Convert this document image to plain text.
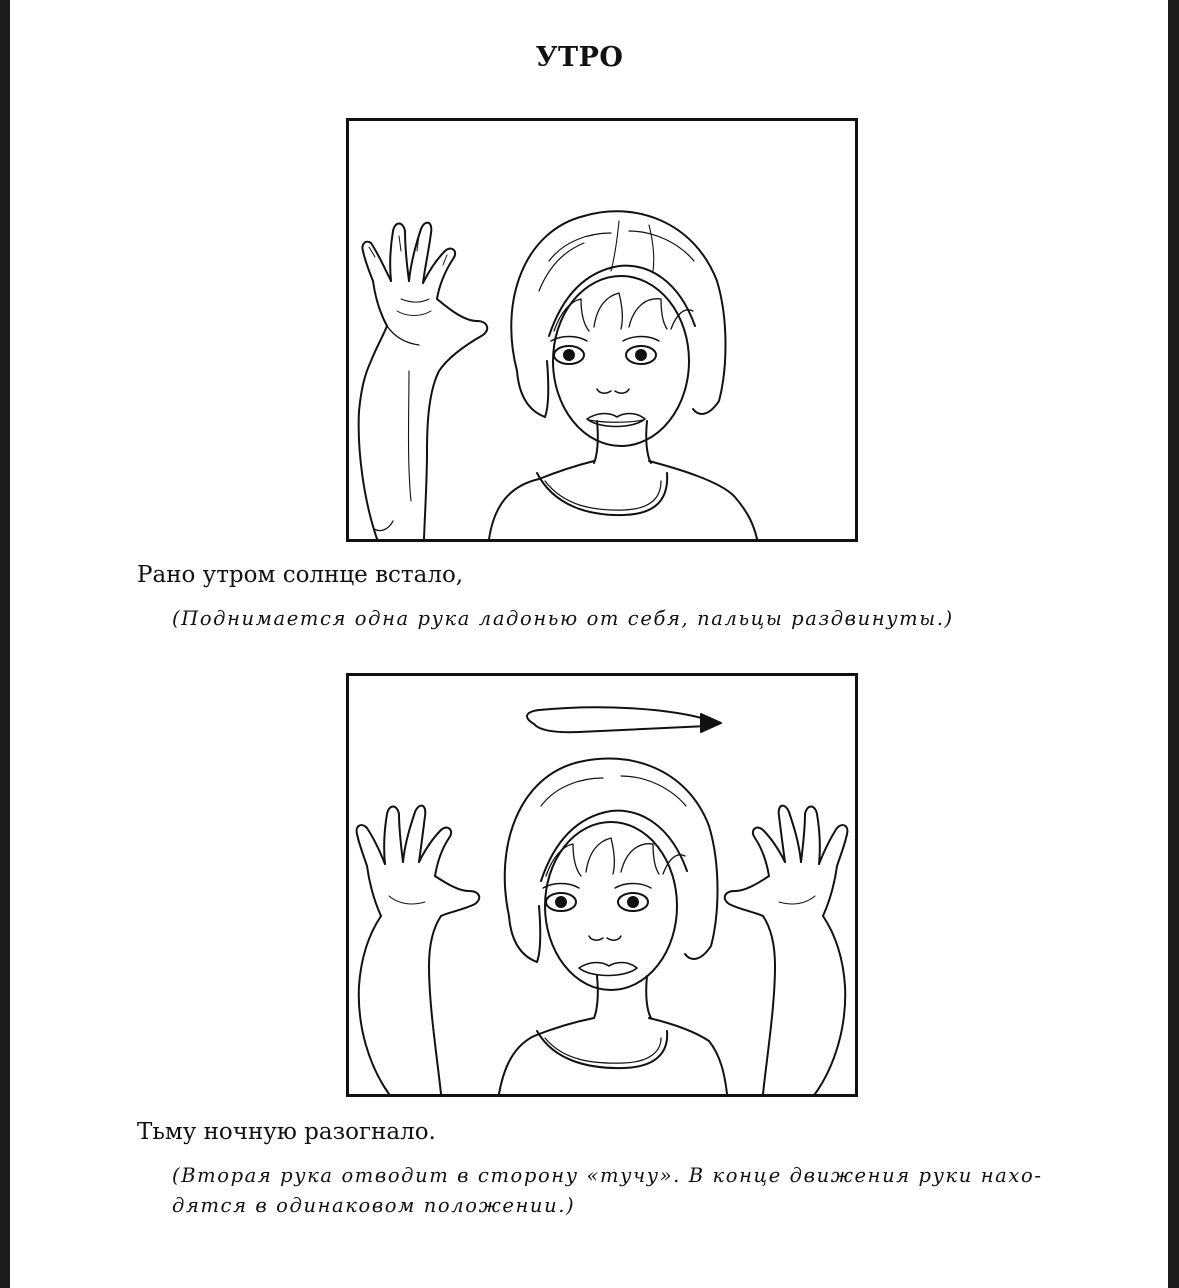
УТРО
Рано утром солнце встало,
(Поднимается одна рука ладонью от себя, пальцы раздвинуты.)
Тьму ночную разогнало.
(Вторая рука отводит в сторону «тучу». В конце движения руки нахо-дятся в одинаковом положении.)
